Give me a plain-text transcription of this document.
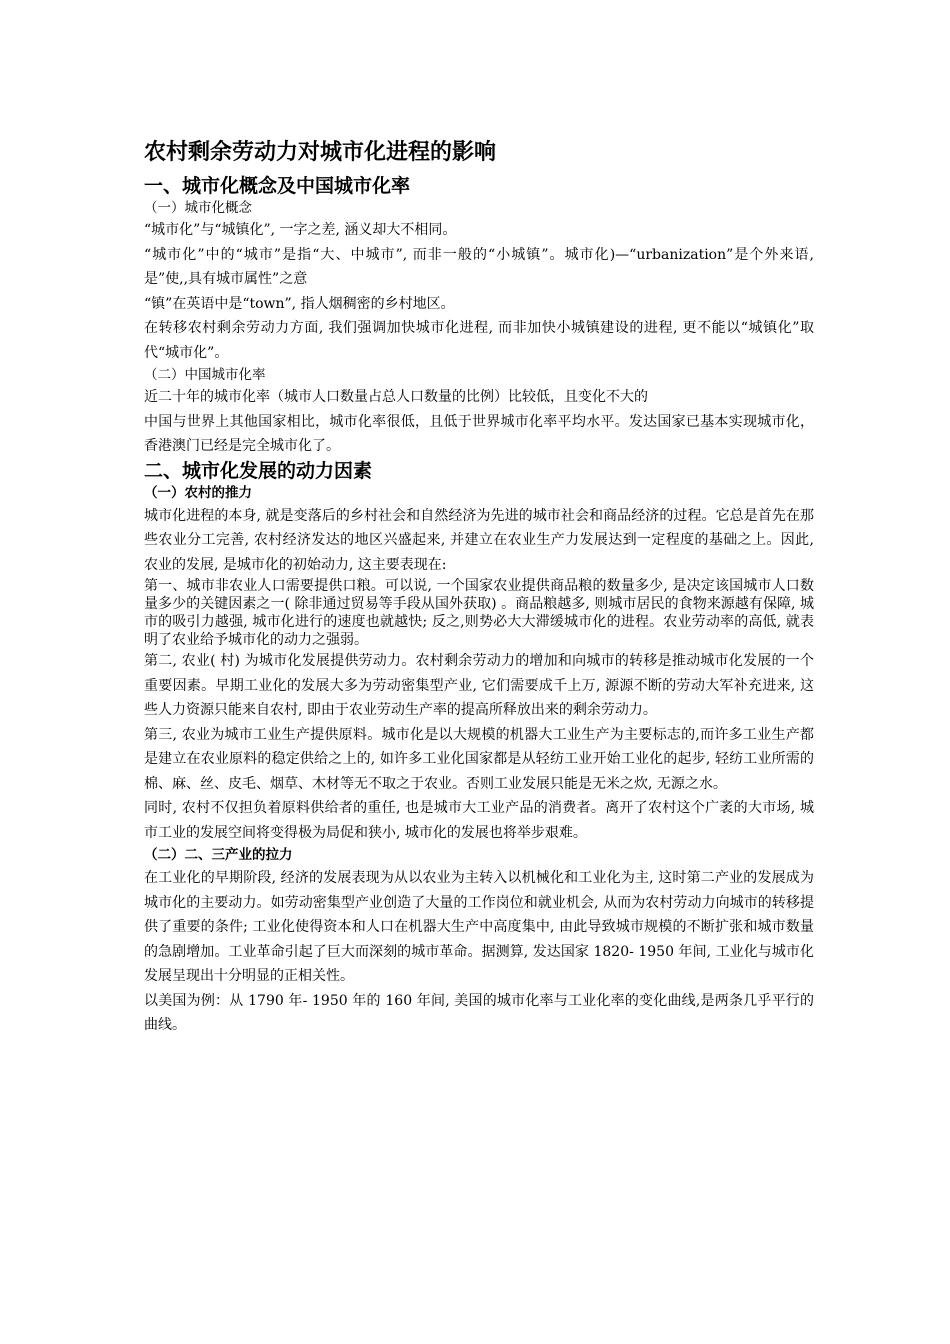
农村剩余劳动力对城市化进程的影响
一、城市化概念及中国城市化率
（一）城市化概念
“城市化”与“城镇化”, 一字之差, 涵义却大不相同。
“城市化”中的“城市”是指“大、中城市”, 而非一般的“小城镇”。城市化)—“urbanization”是个外来语, 是”使,,具有城市属性”之意
“镇”在英语中是“town”, 指人烟稠密的乡村地区。
在转移农村剩余劳动力方面, 我们强调加快城市化进程, 而非加快小城镇建设的进程, 更不能以“城镇化”取代“城市化”。
（二）中国城市化率
近二十年的城市化率（城市人口数量占总人口数量的比例）比较低，且变化不大的
中国与世界上其他国家相比，城市化率很低，且低于世界城市化率平均水平。发达国家已基本实现城市化，香港澳门已经是完全城市化了。
二、城市化发展的动力因素
（一）农村的推力
城市化进程的本身, 就是变落后的乡村社会和自然经济为先进的城市社会和商品经济的过程。它总是首先在那些农业分工完善, 农村经济发达的地区兴盛起来, 并建立在农业生产力发展达到一定程度的基础之上。因此, 农业的发展, 是城市化的初始动力, 这主要表现在:
第一、城市非农业人口需要提供口粮。可以说, 一个国家农业提供商品粮的数量多少, 是决定该国城市人口数量多少的关键因素之一( 除非通过贸易等手段从国外获取) 。商品粮越多, 则城市居民的食物来源越有保障, 城市的吸引力越强, 城市化进行的速度也就越快; 反之,则势必大大滞缓城市化的进程。农业劳动率的高低, 就表明了农业给予城市化的动力之强弱。
第二, 农业( 村) 为城市化发展提供劳动力。农村剩余劳动力的增加和向城市的转移是推动城市化发展的一个重要因素。早期工业化的发展大多为劳动密集型产业, 它们需要成千上万, 源源不断的劳动大军补充进来, 这些人力资源只能来自农村, 即由于农业劳动生产率的提高所释放出来的剩余劳动力。
第三, 农业为城市工业生产提供原料。城市化是以大规模的机器大工业生产为主要标志的,而许多工业生产都是建立在农业原料的稳定供给之上的, 如许多工业化国家都是从轻纺工业开始工业化的起步, 轻纺工业所需的棉、麻、丝、皮毛、烟草、木材等无不取之于农业。否则工业发展只能是无米之炊, 无源之水。
同时, 农村不仅担负着原料供给者的重任, 也是城市大工业产品的消费者。离开了农村这个广袤的大市场, 城市工业的发展空间将变得极为局促和狭小, 城市化的发展也将举步艰难。
（二）二、三产业的拉力
在工业化的早期阶段, 经济的发展表现为从以农业为主转入以机械化和工业化为主, 这时第二产业的发展成为城市化的主要动力。如劳动密集型产业创造了大量的工作岗位和就业机会, 从而为农村劳动力向城市的转移提供了重要的条件; 工业化使得资本和人口在机器大生产中高度集中, 由此导致城市规模的不断扩张和城市数量的急剧增加。工业革命引起了巨大而深刻的城市革命。据测算, 发达国家 1820- 1950 年间, 工业化与城市化发展呈现出十分明显的正相关性。
以美国为例：从 1790 年- 1950 年的 160 年间, 美国的城市化率与工业化率的变化曲线,是两条几乎平行的曲线。
